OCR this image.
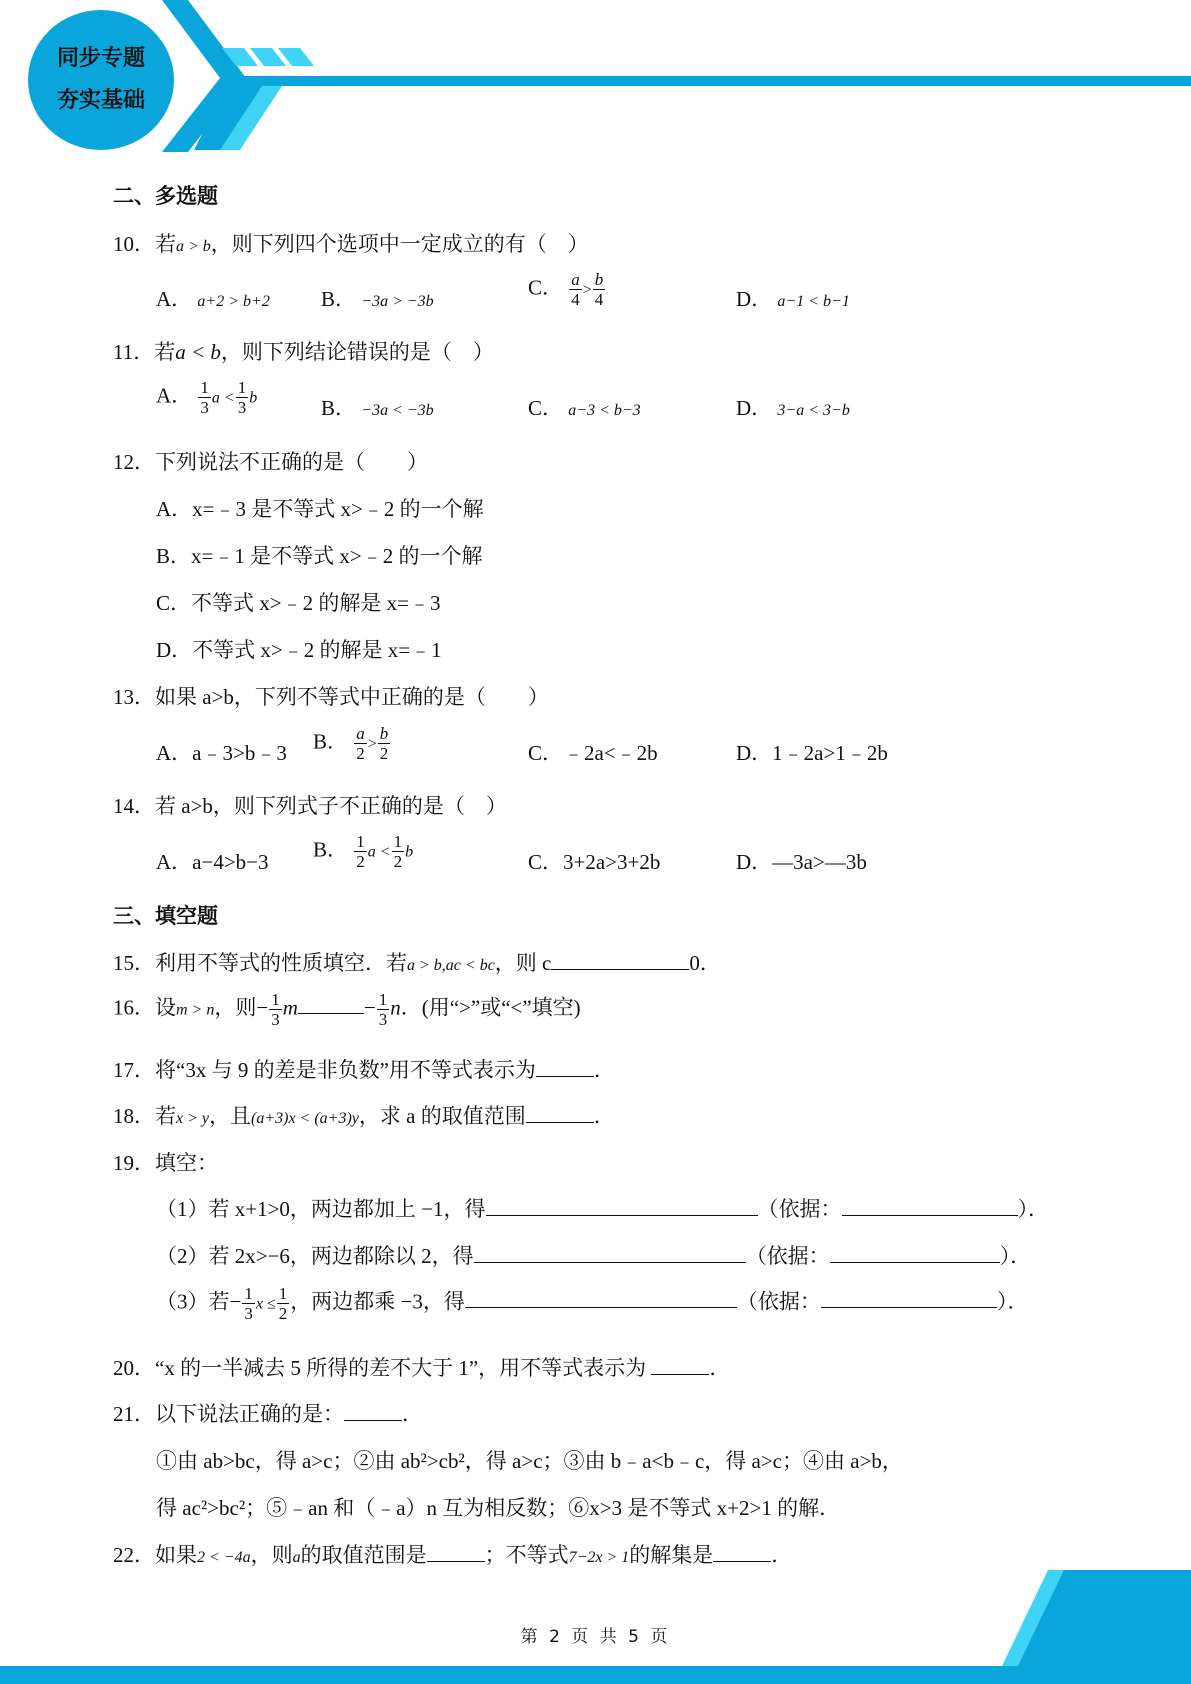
同步专题
夯实基础
二、多选题
10．若a > b，则下列四个选项中一定成立的有（　）
A． a+2 > b+2 B． −3a > −3b
C． $\frac{a}{4} > \frac{b}{4}$	D． a−1 < b−1
11．若a < b，则下列结论错误的是（　）
A． $\frac{1}{3}$ $a < \frac{1}{3}$ b	B． −3a < −3b	C． a−3 < b−3	D． 3−a < 3−b
12．下列说法不正确的是（　　）
A．x=﹣3 是不等式 x>﹣2 的一个解
B．x=﹣1 是不等式 x>﹣2 的一个解
C．不等式 x>﹣2 的解是 x=﹣3
D．不等式 x>﹣2 的解是 x=﹣1
13．如果 a>b，下列不等式中正确的是（　　）
A．a﹣3>b﹣3 B． $\frac{a}{2} > \frac{b}{2}$	C．﹣2a<﹣2b	D．1﹣2a>1﹣2b
14．若 a>b，则下列式子不正确的是（　）
A．a−4>b−3
B． $\frac{1}{2}$ $a < \frac{1}{2}$ b	C．3+2a>3+2b	D．—3a>—3b
三、填空题
15．利用不等式的性质填空．若a > b,ac < bc，则 c	0．
16．设m > n，则− $\frac{1}{3}$ m	− $\frac{1}{3}$ n．(用“>”或“<”填空)
17．将“3x 与 9 的差是非负数”用不等式表示为	．
18．若x > y，且(a+3)x < (a+3)y，求 a 的取值范围	．
19．填空：
（1）若 x+1>0，两边都加上 −1，得	（依据：	）．
（2）若 2x>−6，两边都除以 2，得	（依据：	）．
（3）若− $\frac{1}{3}$ $x \le \frac{1}{2}$ ，两边都乘 −3，得	（依据：	）．
20．“x 的一半减去 5 所得的差不大于 1”，用不等式表示为	．
21．以下说法正确的是：	．
①由 ab>bc，得 a>c；②由 ab²>cb²，得 a>c；③由 b﹣a<b﹣c，得 a>c；④由 a>b，
得 ac²>bc²；⑤﹣an 和（﹣a）n 互为相反数；⑥x>3 是不等式 x+2>1 的解．
22．如果2 < −4a，则a的取值范围是	；不等式7−2x > 1的解集是	．
第 2 页 共 5 页
